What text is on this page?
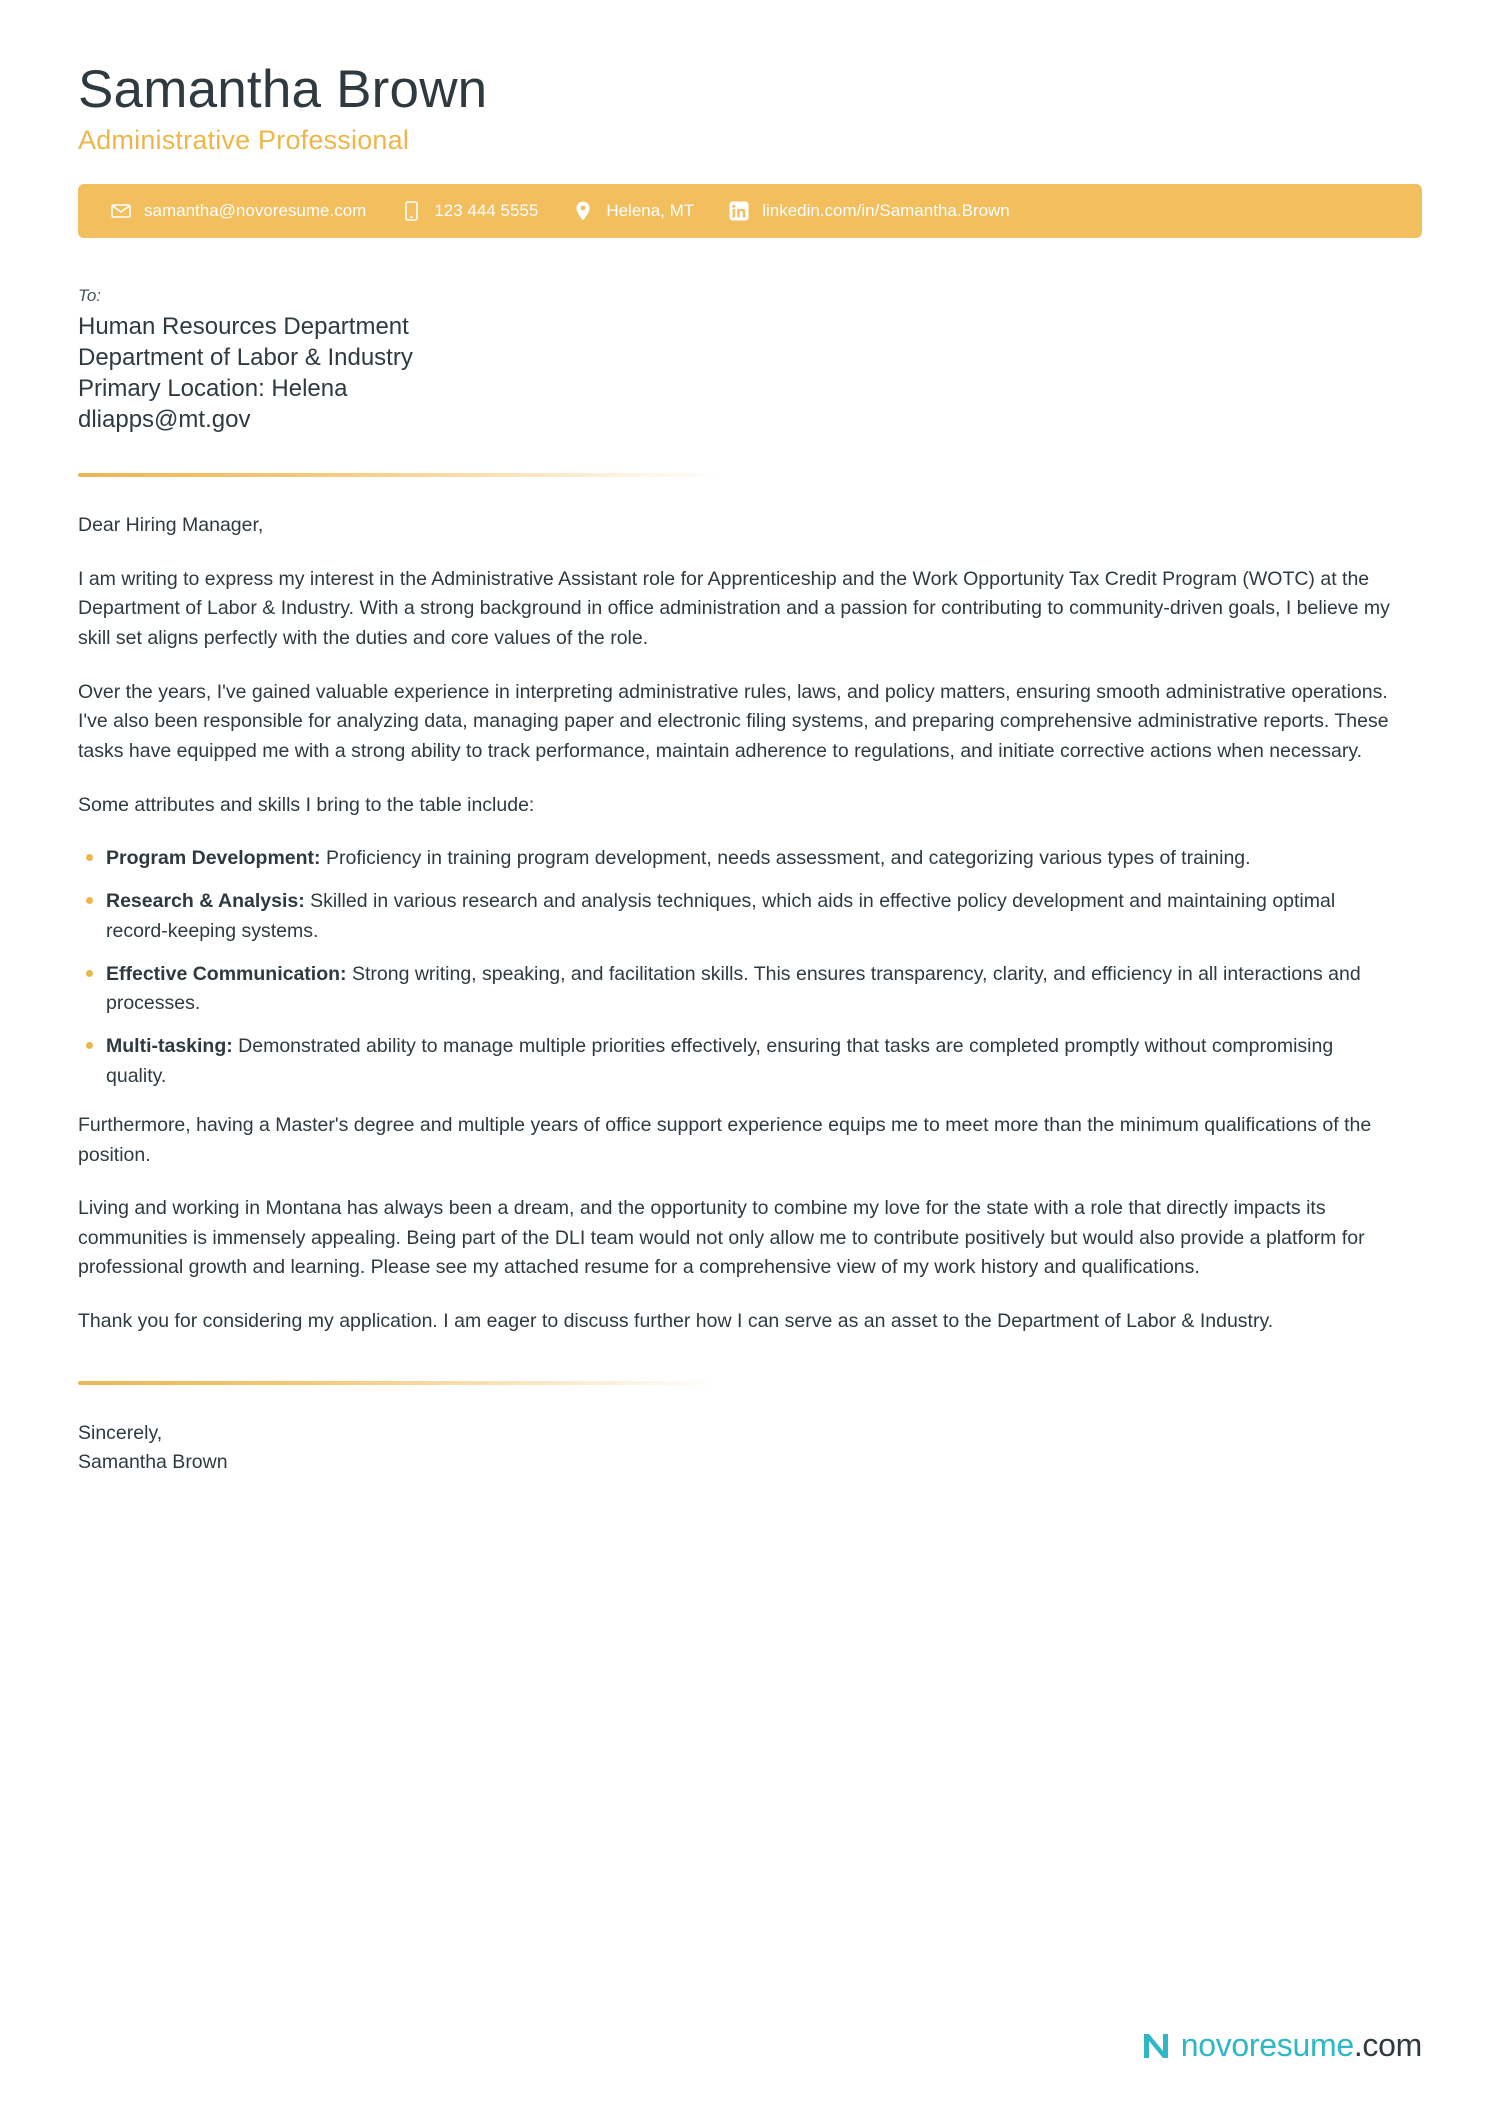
Samantha Brown
Administrative Professional
samantha@novoresume.com	123 444 5555	Helena, MT	linkedin.com/in/Samantha.Brown
To:
Human Resources Department
Department of Labor & Industry
Primary Location: Helena
dliapps@mt.gov

Dear Hiring Manager,

I am writing to express my interest in the Administrative Assistant role for Apprenticeship and the Work Opportunity Tax Credit Program (WOTC) at the Department of Labor & Industry. With a strong background in office administration and a passion for contributing to community-driven goals, I believe my skill set aligns perfectly with the duties and core values of the role.

Over the years, I've gained valuable experience in interpreting administrative rules, laws, and policy matters, ensuring smooth administrative operations. I've also been responsible for analyzing data, managing paper and electronic filing systems, and preparing comprehensive administrative reports. These tasks have equipped me with a strong ability to track performance, maintain adherence to regulations, and initiate corrective actions when necessary.

Some attributes and skills I bring to the table include:

Program Development: Proficiency in training program development, needs assessment, and categorizing various types of training.
Research & Analysis: Skilled in various research and analysis techniques, which aids in effective policy development and maintaining optimal record-keeping systems.
Effective Communication: Strong writing, speaking, and facilitation skills. This ensures transparency, clarity, and efficiency in all interactions and processes.
Multi-tasking: Demonstrated ability to manage multiple priorities effectively, ensuring that tasks are completed promptly without compromising quality.

Furthermore, having a Master's degree and multiple years of office support experience equips me to meet more than the minimum qualifications of the position.

Living and working in Montana has always been a dream, and the opportunity to combine my love for the state with a role that directly impacts its communities is immensely appealing. Being part of the DLI team would not only allow me to contribute positively but would also provide a platform for professional growth and learning. Please see my attached resume for a comprehensive view of my work history and qualifications.

Thank you for considering my application. I am eager to discuss further how I can serve as an asset to the Department of Labor & Industry.

Sincerely,
Samantha Brown
novoresume.com
